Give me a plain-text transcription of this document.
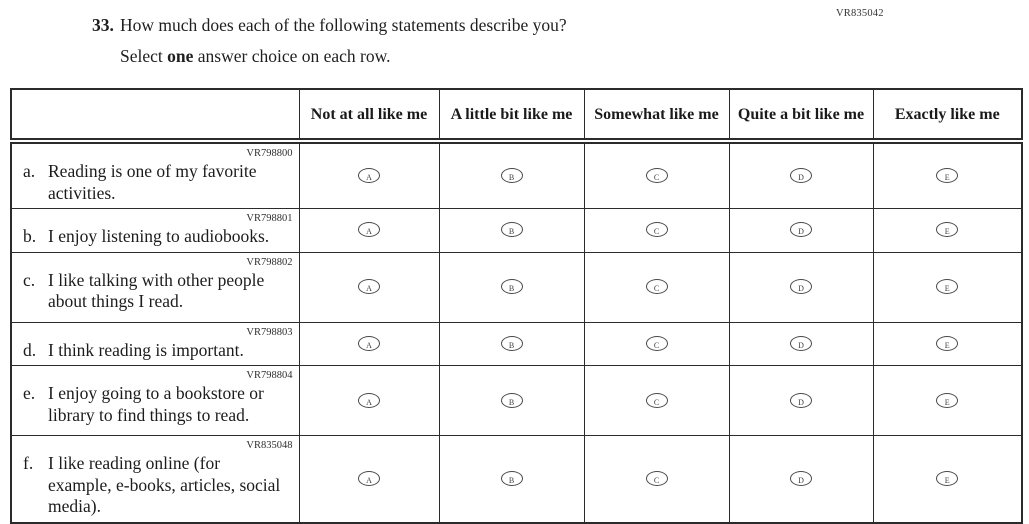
VR835042
33. How much does each of the following statements describe you?
Select one answer choice on each row.
	Not at all like me	A little bit like me	Somewhat like me	Quite a bit like me	Exactly like me

VR798800
a. Reading is one of my favorite activities.	A	B	C	D	E

VR798801
b. I enjoy listening to audiobooks.	A	B	C	D	E

VR798802
c. I like talking with other people about things I read.	A	B	C	D	E

VR798803
d. I think reading is important.	A	B	C	D	E

VR798804
e. I enjoy going to a bookstore or library to find things to read.	A	B	C	D	E

VR835048
f. I like reading online (for example, e-books, articles, social media).	A	B	C	D	E
